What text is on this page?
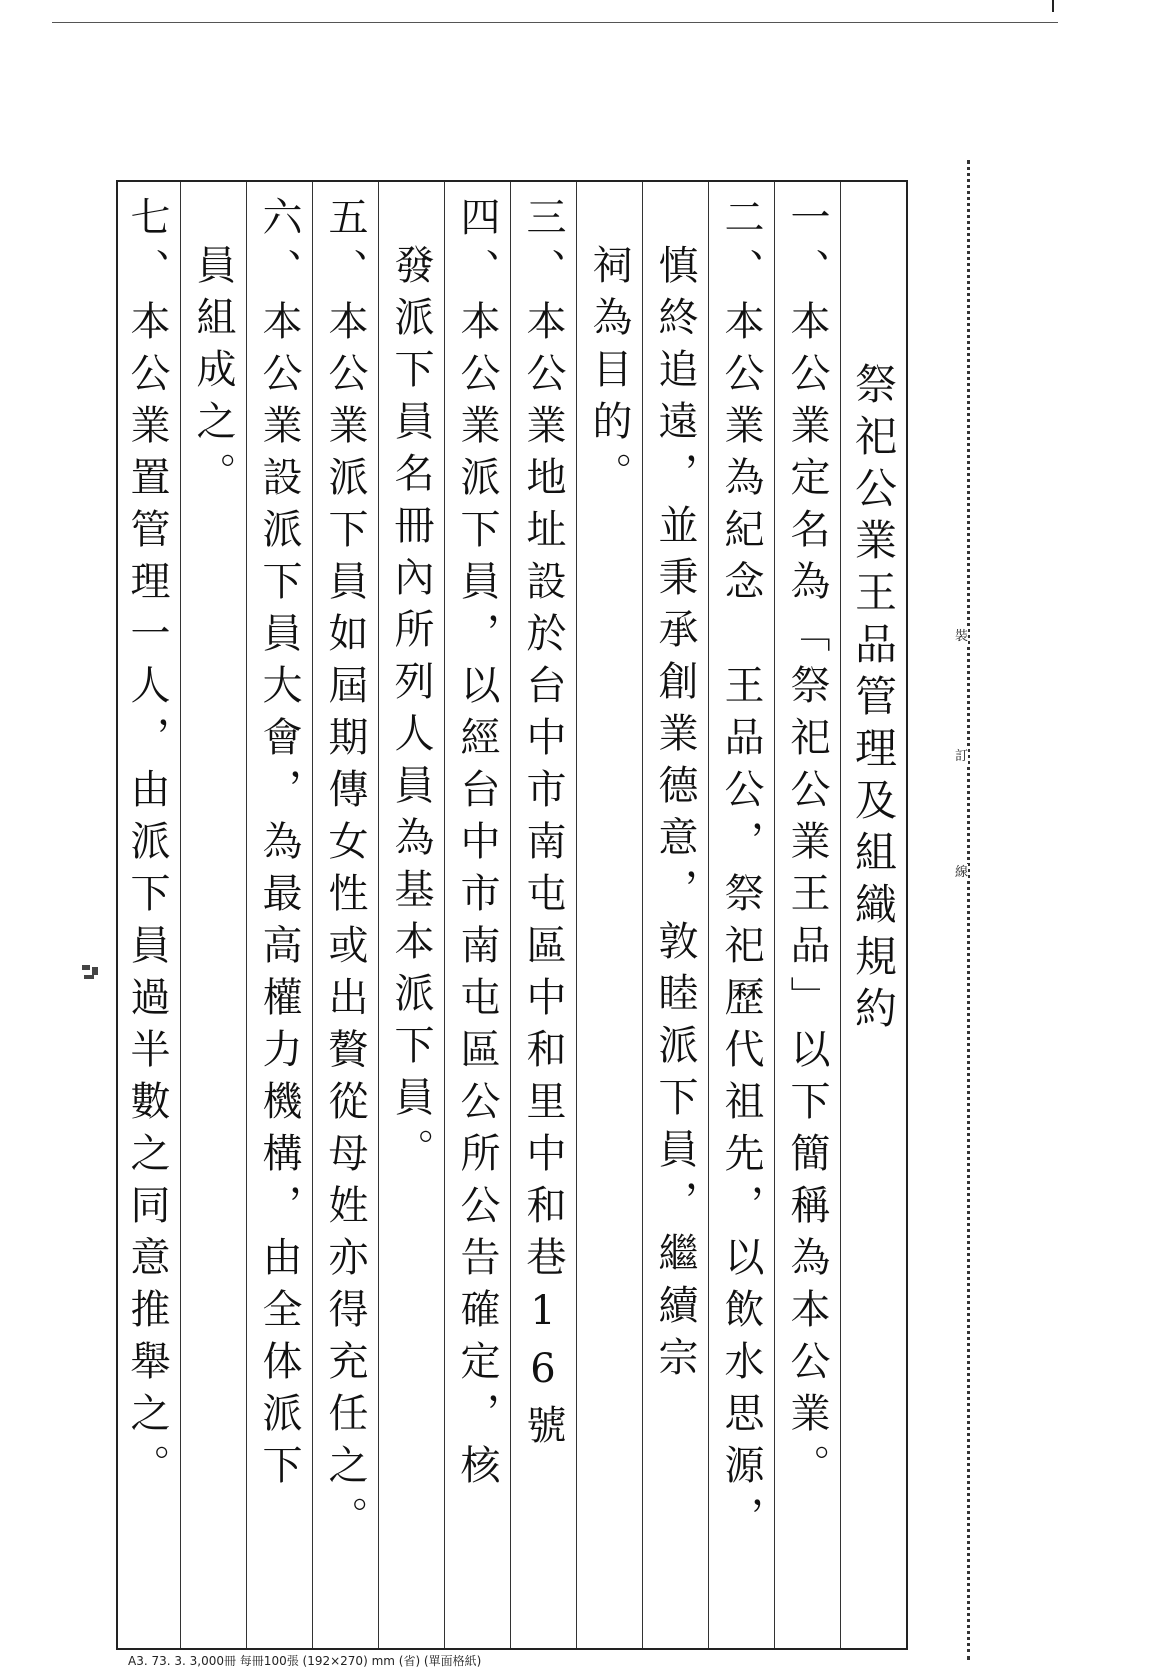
裝
訂
線
祭祀公業王品管理及組織規約
一、本公業定名為「祭祀公業王品」以下簡稱為本公業。
二、本公業為紀念　王品公，祭祀歷代祖先，以飲水思源，
慎終追遠，並秉承創業德意，敦睦派下員，繼續宗
祠為目的。
三、本公業地址設於台中市南屯區中和里中和巷16號
四、本公業派下員，以經台中市南屯區公所公告確定，核
發派下員名冊內所列人員為基本派下員。
五、本公業派下員如屆期傳女性或出贅從母姓亦得充任之。
六、本公業設派下員大會，為最高權力機構，由全体派下
員組成之。
七、本公業置管理一人，由派下員過半數之同意推舉之。
A3. 73. 3. 3,000冊 每冊100張 (192×270) mm (省) (單面格紙)
